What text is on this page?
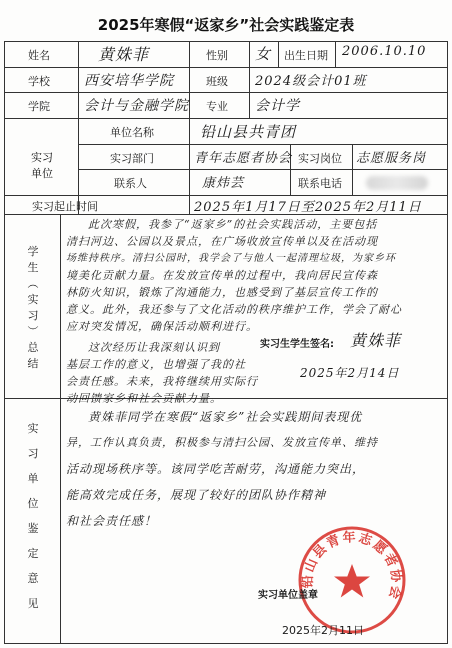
2025年寒假“返家乡”社会实践鉴定表
姓名	黄姝菲	性别 女 出生日期 2006.10.10
学校 西安培华学院	班级 2024级会计01班
学院 会计与金融学院 专业 会计学
实习
单位
单位名称	铅山县共青团
实习部门	青年志愿者协会 实习岗位 志愿服务岗
联系人	康炜芸	联系电话
实习起止时间	2025年1月17日至2025年2月11日
学
生
︵
实
习
︶
总
结
此次寒假，我参了“返家乡”的社会实践活动，主要包括
清扫河边、公园以及景点，在广场收放宣传单以及在活动现
场维持秩序。清扫公园时，我学会了与他人一起清理垃圾，为家乡环
境美化贡献力量。在发放宣传单的过程中，我向居民宣传森
林防火知识，锻炼了沟通能力，也感受到了基层宣传工作的
意义。此外，我还参与了文化活动的秩序维护工作，学会了耐心
应对突发情况，确保活动顺利进行。
这次经历让我深刻认识到
基层工作的意义，也增强了我的社
会责任感。未来，我将继续用实际行
动回馈家乡和社会贡献力量。
实习生学生签名: 黄姝菲
2025年2月14日
实
习
单
位
鉴
定
意
见
黄姝菲同学在寒假“返家乡”社会实践期间表现优
异，工作认真负责，积极参与清扫公园、发放宣传单、维持
活动现场秩序等。该同学吃苦耐劳，沟通能力突出，
能高效完成任务，展现了较好的团队协作精神
和社会责任感！
铅山县青年志愿者协会
实习单位盖章
2025年2月11日
